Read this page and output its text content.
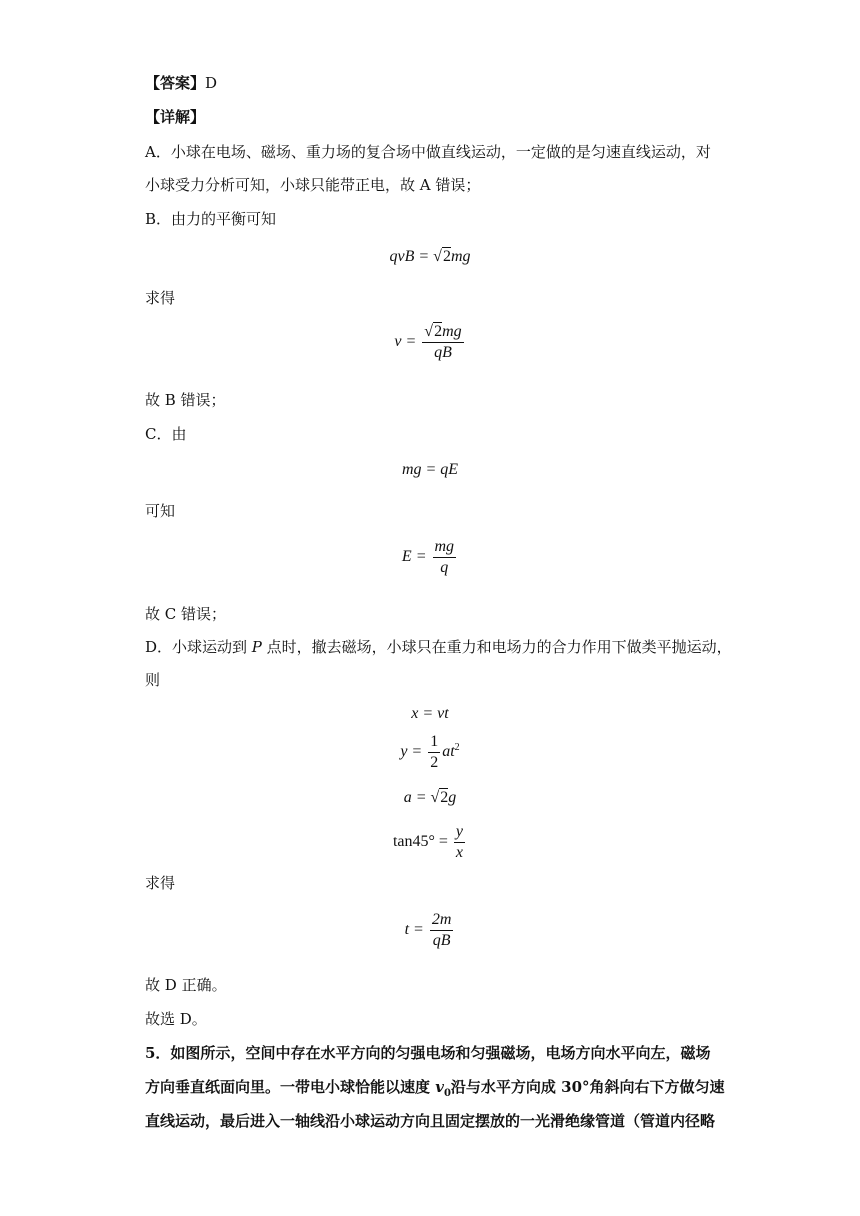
【答案】D
【详解】
A．小球在电场、磁场、重力场的复合场中做直线运动，一定做的是匀速直线运动，对
小球受力分析可知，小球只能带正电，故 A 错误；
B．由力的平衡可知
qvB = √2mg
求得
$v = \frac{√2mg}{qB}$
故 B 错误；
C．由
mg = qE
可知
$E = \frac{mg}{q}$
故 C 错误；
D．小球运动到 P 点时，撤去磁场，小球只在重力和电场力的合力作用下做类平抛运动，
则
x = vt
$y = \frac{1}{2} at^2$
a = √2g
$\tan 45^\circ = \frac{y}{x}$
求得
$t = \frac{2m}{qB}$
故 D 正确。
故选 D。
5．如图所示，空间中存在水平方向的匀强电场和匀强磁场，电场方向水平向左，磁场
方向垂直纸面向里。一带电小球恰能以速度 $v_0$沿与水平方向成 30°角斜向右下方做匀速
直线运动，最后进入一轴线沿小球运动方向且固定摆放的一光滑绝缘管道（管道内径略
